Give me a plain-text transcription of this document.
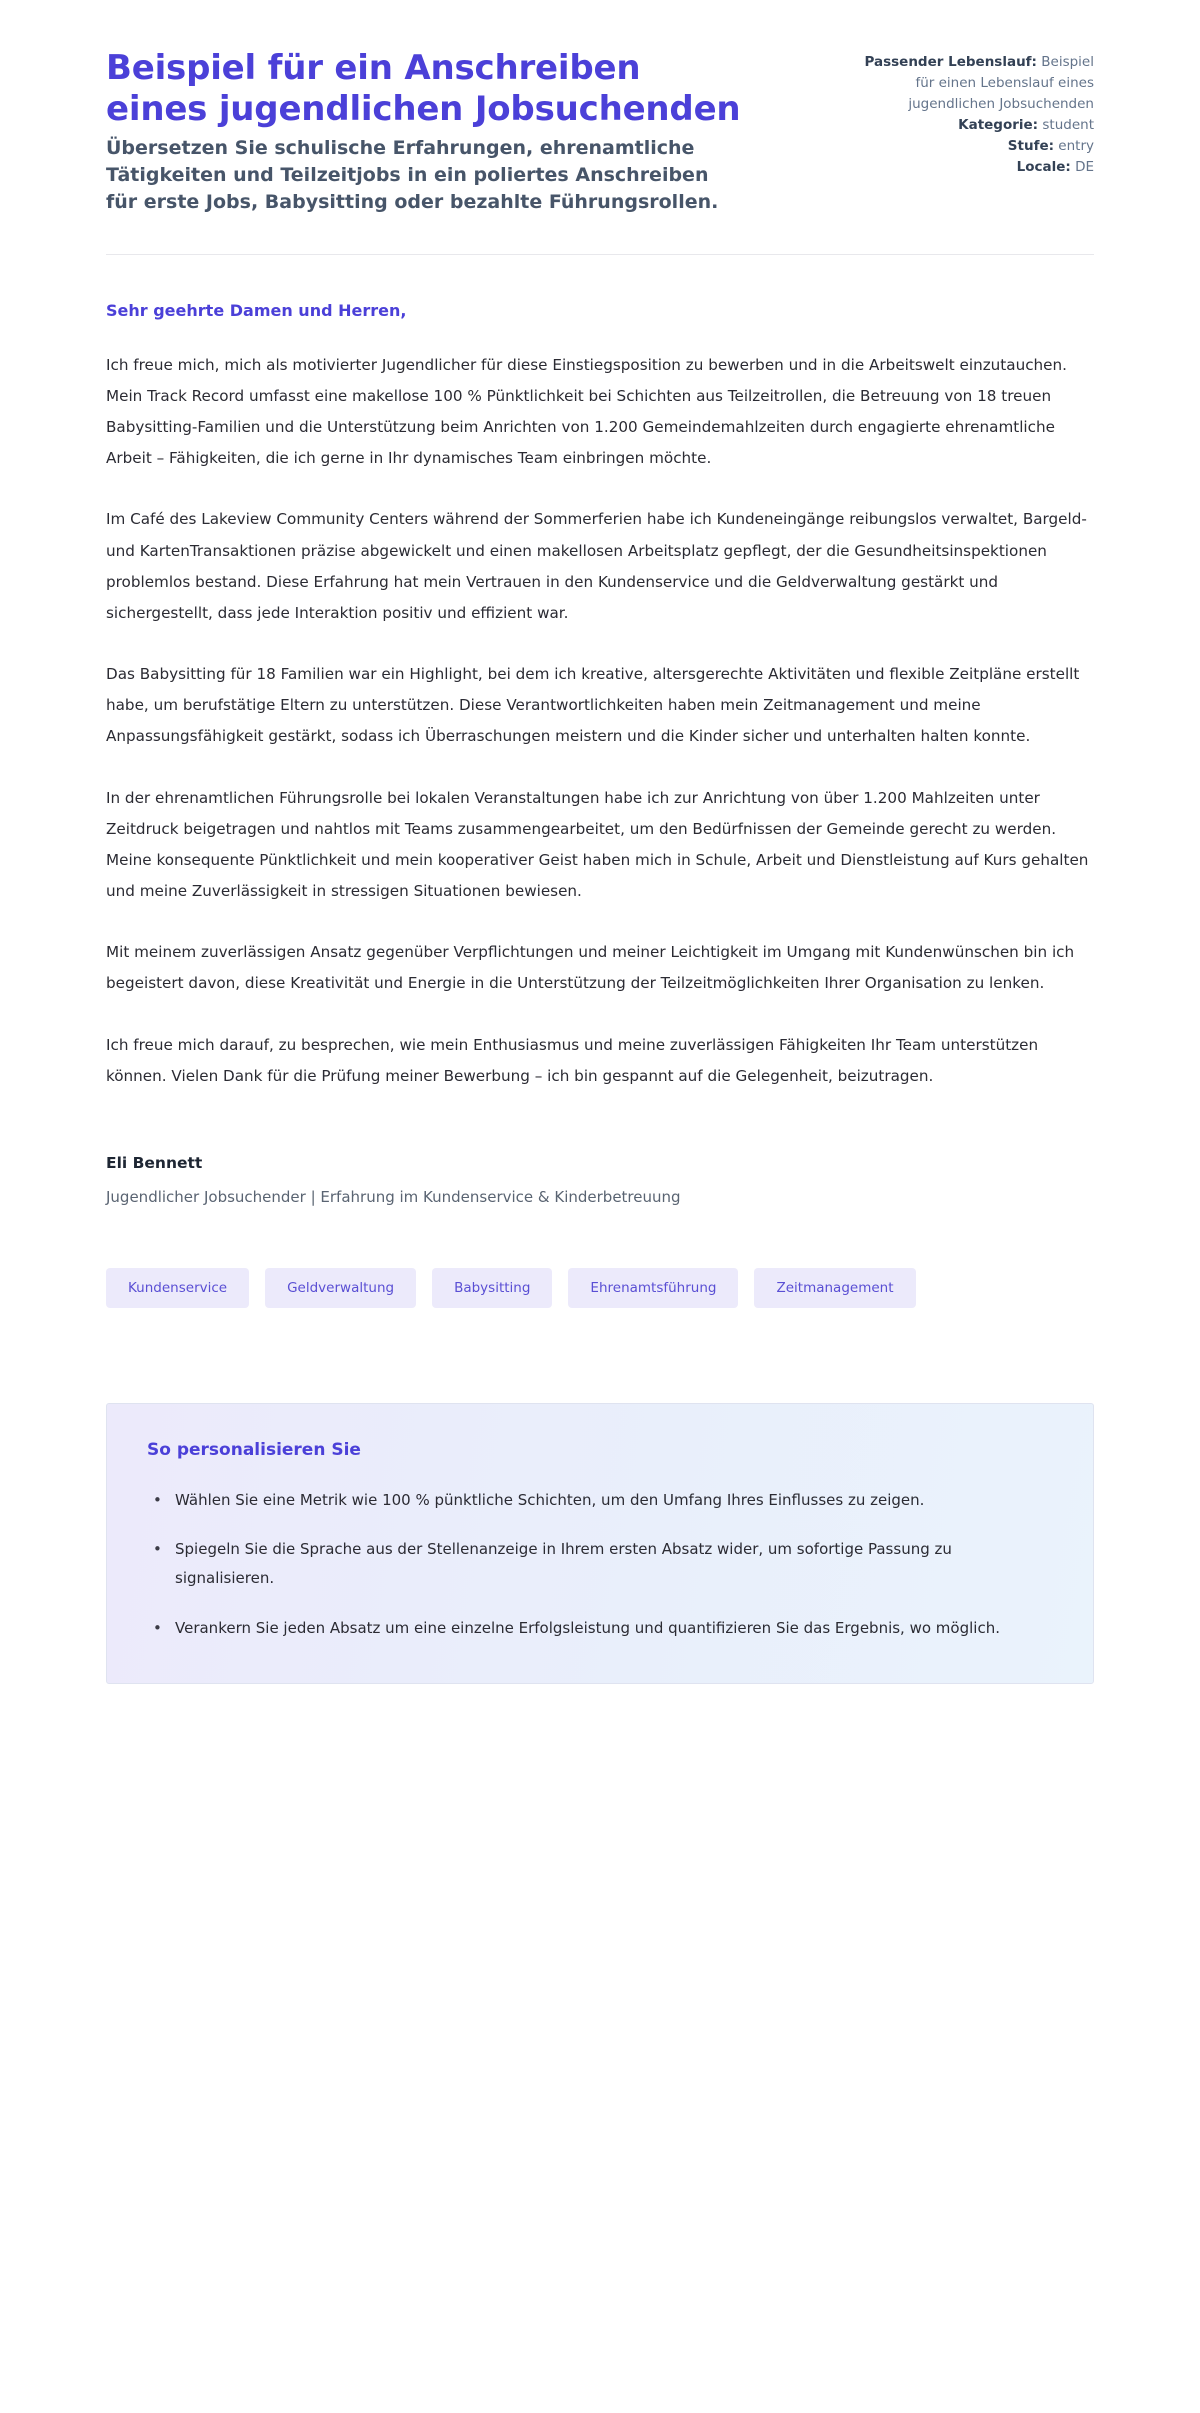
Beispiel für ein Anschreiben eines jugendlichen Jobsuchenden

Übersetzen Sie schulische Erfahrungen, ehrenamtliche Tätigkeiten und Teilzeitjobs in ein poliertes Anschreiben für erste Jobs, Babysitting oder bezahlte Führungsrollen.

Passender Lebenslauf: Beispiel für einen Lebenslauf eines jugendlichen Jobsuchenden
Kategorie: student
Stufe: entry
Locale: DE

Sehr geehrte Damen und Herren,

Ich freue mich, mich als motivierter Jugendlicher für diese Einstiegsposition zu bewerben und in die Arbeitswelt einzutauchen. Mein Track Record umfasst eine makellose 100 % Pünktlichkeit bei Schichten aus Teilzeitrollen, die Betreuung von 18 treuen Babysitting-Familien und die Unterstützung beim Anrichten von 1.200 Gemeindemahlzeiten durch engagierte ehrenamtliche Arbeit – Fähigkeiten, die ich gerne in Ihr dynamisches Team einbringen möchte.

Im Café des Lakeview Community Centers während der Sommerferien habe ich Kundeneingänge reibungslos verwaltet, Bargeld- und KartenTransaktionen präzise abgewickelt und einen makellosen Arbeitsplatz gepflegt, der die Gesundheitsinspektionen problemlos bestand. Diese Erfahrung hat mein Vertrauen in den Kundenservice und die Geldverwaltung gestärkt und sichergestellt, dass jede Interaktion positiv und effizient war.

Das Babysitting für 18 Familien war ein Highlight, bei dem ich kreative, altersgerechte Aktivitäten und flexible Zeitpläne erstellt habe, um berufstätige Eltern zu unterstützen. Diese Verantwortlichkeiten haben mein Zeitmanagement und meine Anpassungsfähigkeit gestärkt, sodass ich Überraschungen meistern und die Kinder sicher und unterhalten halten konnte.

In der ehrenamtlichen Führungsrolle bei lokalen Veranstaltungen habe ich zur Anrichtung von über 1.200 Mahlzeiten unter Zeitdruck beigetragen und nahtlos mit Teams zusammengearbeitet, um den Bedürfnissen der Gemeinde gerecht zu werden. Meine konsequente Pünktlichkeit und mein kooperativer Geist haben mich in Schule, Arbeit und Dienstleistung auf Kurs gehalten und meine Zuverlässigkeit in stressigen Situationen bewiesen.

Mit meinem zuverlässigen Ansatz gegenüber Verpflichtungen und meiner Leichtigkeit im Umgang mit Kundenwünschen bin ich begeistert davon, diese Kreativität und Energie in die Unterstützung der Teilzeitmöglichkeiten Ihrer Organisation zu lenken.

Ich freue mich darauf, zu besprechen, wie mein Enthusiasmus und meine zuverlässigen Fähigkeiten Ihr Team unterstützen können. Vielen Dank für die Prüfung meiner Bewerbung – ich bin gespannt auf die Gelegenheit, beizutragen.

Eli Bennett

Jugendlicher Jobsuchender | Erfahrung im Kundenservice & Kinderbetreuung

Kundenservice	Geldverwaltung	Babysitting	Ehrenamtsführung	Zeitmanagement
So personalisieren Sie
• Wählen Sie eine Metrik wie 100 % pünktliche Schichten, um den Umfang Ihres Einflusses zu zeigen.
• Spiegeln Sie die Sprache aus der Stellenanzeige in Ihrem ersten Absatz wider, um sofortige Passung zu signalisieren.
• Verankern Sie jeden Absatz um eine einzelne Erfolgsleistung und quantifizieren Sie das Ergebnis, wo möglich.
